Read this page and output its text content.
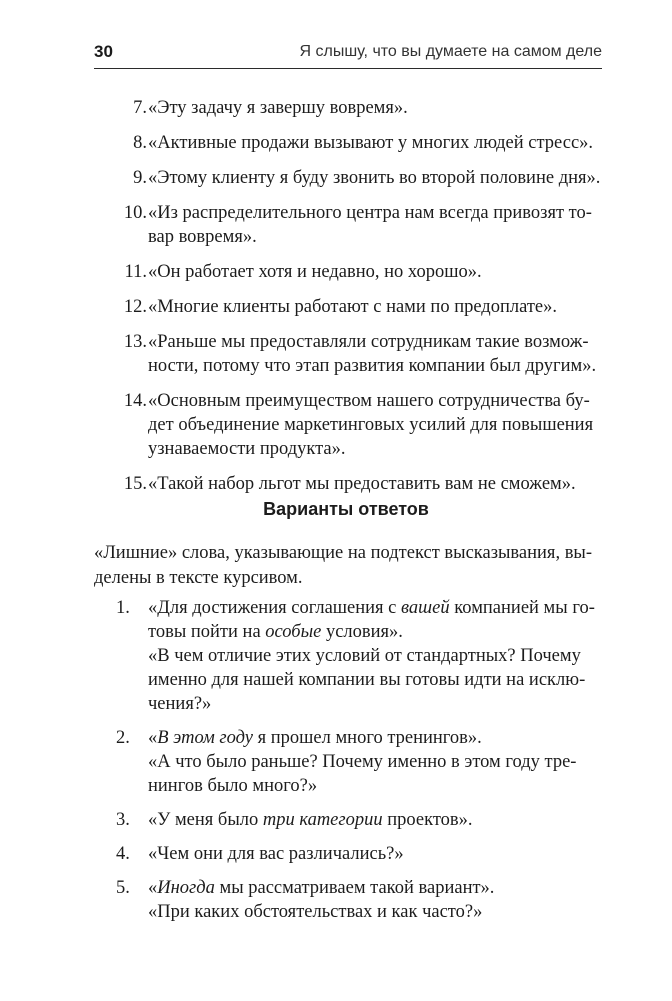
30	Я слышу, что вы думаете на самом деле
7. «Эту задачу я завершу вовремя».
8. «Активные продажи вызывают у многих людей стресс».
9. «Этому клиенту я буду звонить во второй половине дня».
10. «Из распределительного центра нам всегда привозят то-
вар вовремя».
11. «Он работает хотя и недавно, но хорошо».
12. «Многие клиенты работают с нами по предоплате».
13. «Раньше мы предоставляли сотрудникам такие возмож-
ности, потому что этап развития компании был другим».
14. «Основным преимуществом нашего сотрудничества бу-
дет объединение маркетинговых усилий для повышения
узнаваемости продукта».
15. «Такой набор льгот мы предоставить вам не сможем».
Варианты ответов
«Лишние» слова, указывающие на подтекст высказывания, вы-
делены в тексте курсивом.
1. «Для достижения соглашения с вашей компанией мы го-
товы пойти на особые условия».
«В чем отличие этих условий от стандартных? Почему
именно для нашей компании вы готовы идти на исклю-
чения?»
2. «В этом году я прошел много тренингов».
«А что было раньше? Почему именно в этом году тре-
нингов было много?»
3. «У меня было три категории проектов».
4. «Чем они для вас различались?»
5. «Иногда мы рассматриваем такой вариант».
«При каких обстоятельствах и как часто?»
